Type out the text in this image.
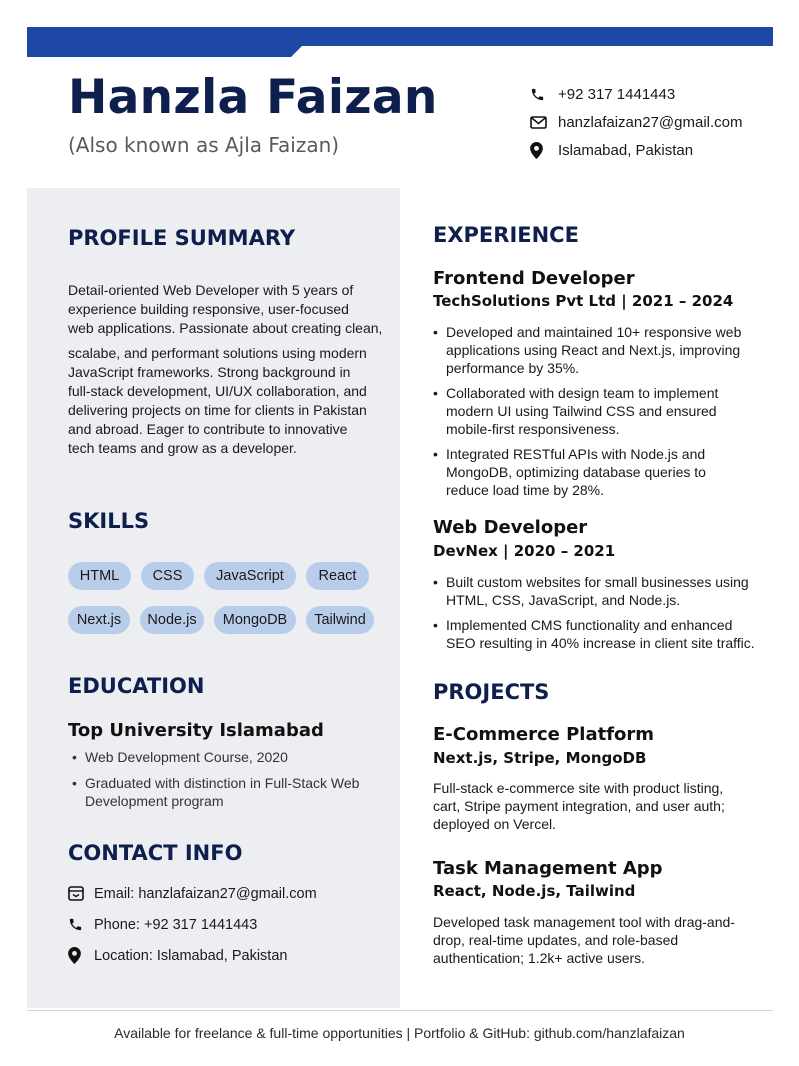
Hanzla Faizan
(Also known as Ajla Faizan)
+92 317 1441443
hanzlafaizan27@gmail.com
Islamabad, Pakistan
PROFILE SUMMARY
Detail-oriented Web Developer with 5 years of
experience building responsive, user-focused
web applications. Passionate about creating clean,
scalabe, and performant solutions using modern
JavaScript frameworks. Strong background in
full-stack development, UI/UX collaboration, and
delivering projects on time for clients in Pakistan
and abroad. Eager to contribute to innovative
tech teams and grow as a developer.
SKILLS
HTML	CSS	JavaScript	React
Next.js	Node.js	MongoDB	Tailwind
EDUCATION
Top University Islamabad
• Web Development Course, 2020
• Graduated with distinction in Full-Stack Web Development program
CONTACT INFO
Email: hanzlafaizan27@gmail.com
Phone: +92 317 1441443
Location: Islamabad, Pakistan
EXPERIENCE
Frontend Developer
TechSolutions Pvt Ltd | 2021 – 2024
• Developed and maintained 10+ responsive web applications using React and Next.js, improving performance by 35%.
• Collaborated with design team to implement modern UI using Tailwind CSS and ensured mobile-first responsiveness.
• Integrated RESTful APIs with Node.js and MongoDB, optimizing database queries to reduce load time by 28%.
Web Developer
DevNex | 2020 – 2021
• Built custom websites for small businesses using HTML, CSS, JavaScript, and Node.js.
• Implemented CMS functionality and enhanced SEO resulting in 40% increase in client site traffic.
PROJECTS
E-Commerce Platform
Next.js, Stripe, MongoDB
Full-stack e-commerce site with product listing, cart, Stripe payment integration, and user auth; deployed on Vercel.
Task Management App
React, Node.js, Tailwind
Developed task management tool with drag-and-drop, real-time updates, and role-based authentication; 1.2k+ active users.
Available for freelance & full-time opportunities | Portfolio & GitHub: github.com/hanzlafaizan
